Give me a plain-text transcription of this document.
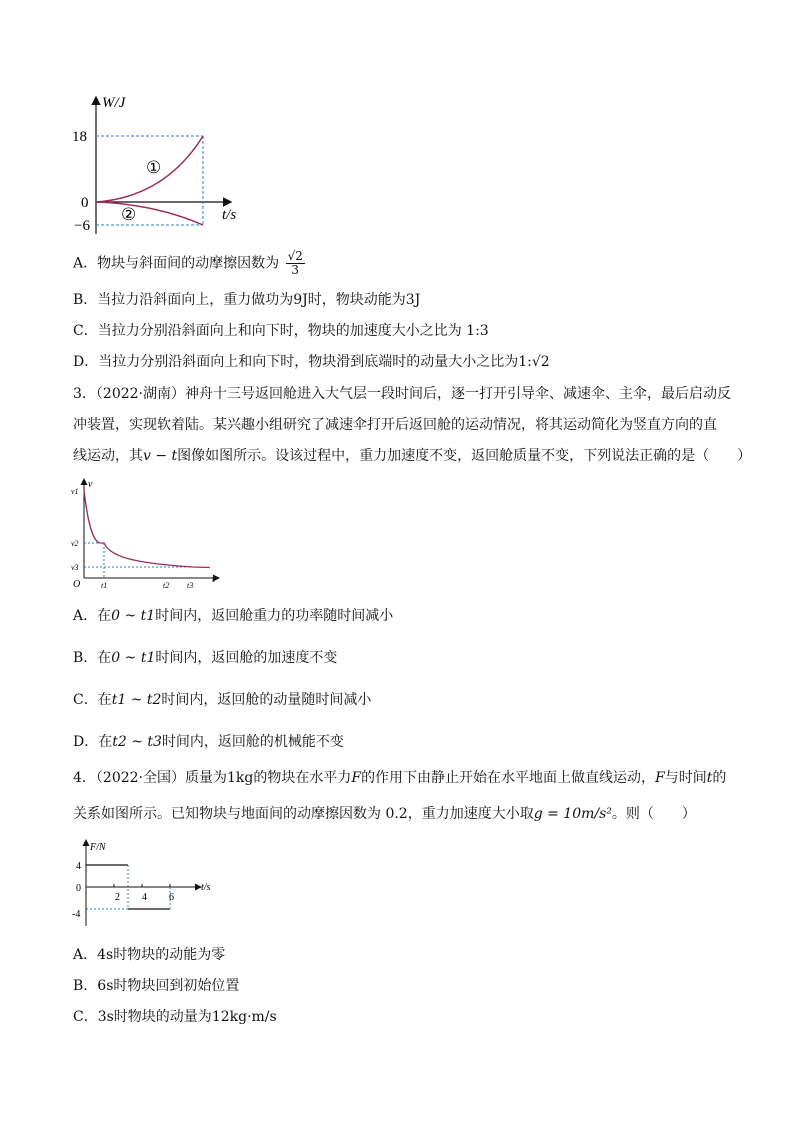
W/J
t/s
18
0
−6
①
②
A．物块与斜面间的动摩擦因数为 $\frac{√2}{3}$
B．当拉力沿斜面向上，重力做功为9J时，物块动能为3J
C．当拉力分别沿斜面向上和向下时，物块的加速度大小之比为 1:3
D．当拉力分别沿斜面向上和向下时，物块滑到底端时的动量大小之比为1:√2
3．（2022·湖南）神舟十三号返回舱进入大气层一段时间后，逐一打开引导伞、减速伞、主伞，最后启动反
冲装置，实现软着陆。某兴趣小组研究了减速伞打开后返回舱的运动情况，将其运动简化为竖直方向的直
线运动，其v − t图像如图所示。设该过程中，重力加速度不变，返回舱质量不变，下列说法正确的是（　　）
v
t
O
v1
v2
v3
t1	t2 t3
A．在0 ~ t1时间内，返回舱重力的功率随时间减小
B．在0 ~ t1时间内，返回舱的加速度不变
C．在t1 ~ t2时间内，返回舱的动量随时间减小
D．在t2 ~ t3时间内，返回舱的机械能不变
4．（2022·全国）质量为1kg的物块在水平力F的作用下由静止开始在水平地面上做直线运动，F与时间t的
关系如图所示。已知物块与地面间的动摩擦因数为 0.2，重力加速度大小取g = 10m/s²。则（　　）
F/N
t/s
4
0
-4
2 4 6
A．4s时物块的动能为零
B．6s时物块回到初始位置
C．3s时物块的动量为12kg·m/s
